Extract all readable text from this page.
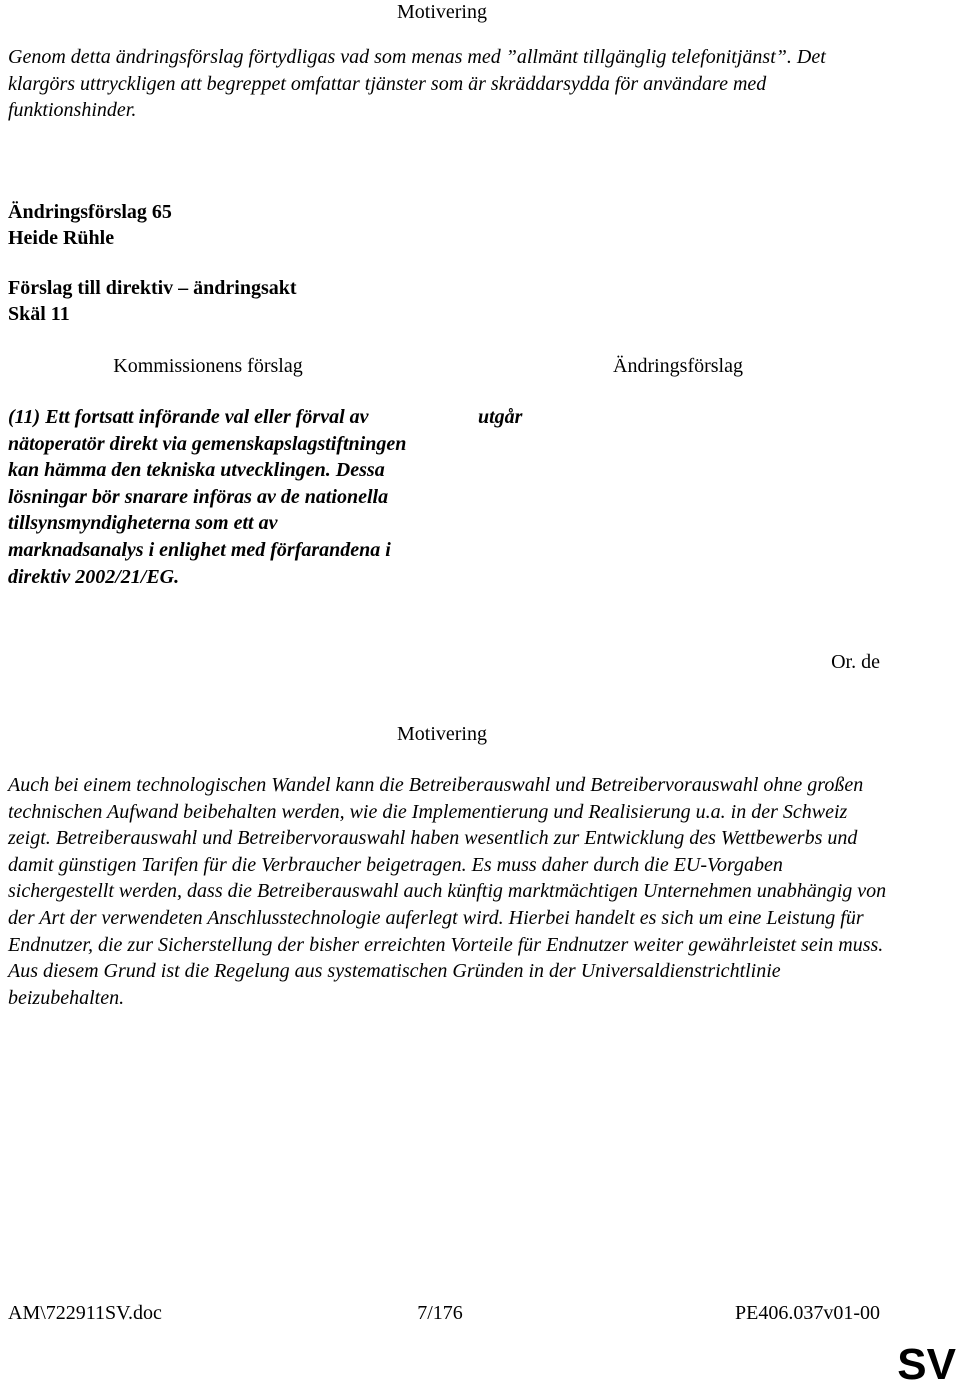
Motivering
Genom detta ändringsförslag förtydligas vad som menas med ”allmänt tillgänglig telefonitjänst”. Det klargörs uttryckligen att begreppet omfattar tjänster som är skräddarsydda för användare med funktionshinder.
Ändringsförslag 65
Heide Rühle
Förslag till direktiv – ändringsakt
Skäl 11
Kommissionens förslag	Ändringsförslag
(11) Ett fortsatt införande val eller förval av nätoperatör direkt via gemenskapslagstiftningen kan hämma den tekniska utvecklingen. Dessa lösningar bör snarare införas av de nationella tillsynsmyndigheterna som ett av marknadsanalys i enlighet med förfarandena i direktiv 2002/21/EG.
utgår
Or. de
Motivering
Auch bei einem technologischen Wandel kann die Betreiberauswahl und Betreibervorauswahl ohne großen technischen Aufwand beibehalten werden, wie die Implementierung und Realisierung u.a. in der Schweiz zeigt. Betreiberauswahl und Betreibervorauswahl haben wesentlich zur Entwicklung des Wettbewerbs und damit günstigen Tarifen für die Verbraucher beigetragen. Es muss daher durch die EU-Vorgaben sichergestellt werden, dass die Betreiberauswahl auch künftig marktmächtigen Unternehmen unabhängig von der Art der verwendeten Anschlusstechnologie auferlegt wird. Hierbei handelt es sich um eine Leistung für Endnutzer, die zur Sicherstellung der bisher erreichten Vorteile für Endnutzer weiter gewährleistet sein muss. Aus diesem Grund ist die Regelung aus systematischen Gründen in der Universaldienstrichtlinie beizubehalten.
AM\722911SV.doc	7/176	PE406.037v01-00
SV
